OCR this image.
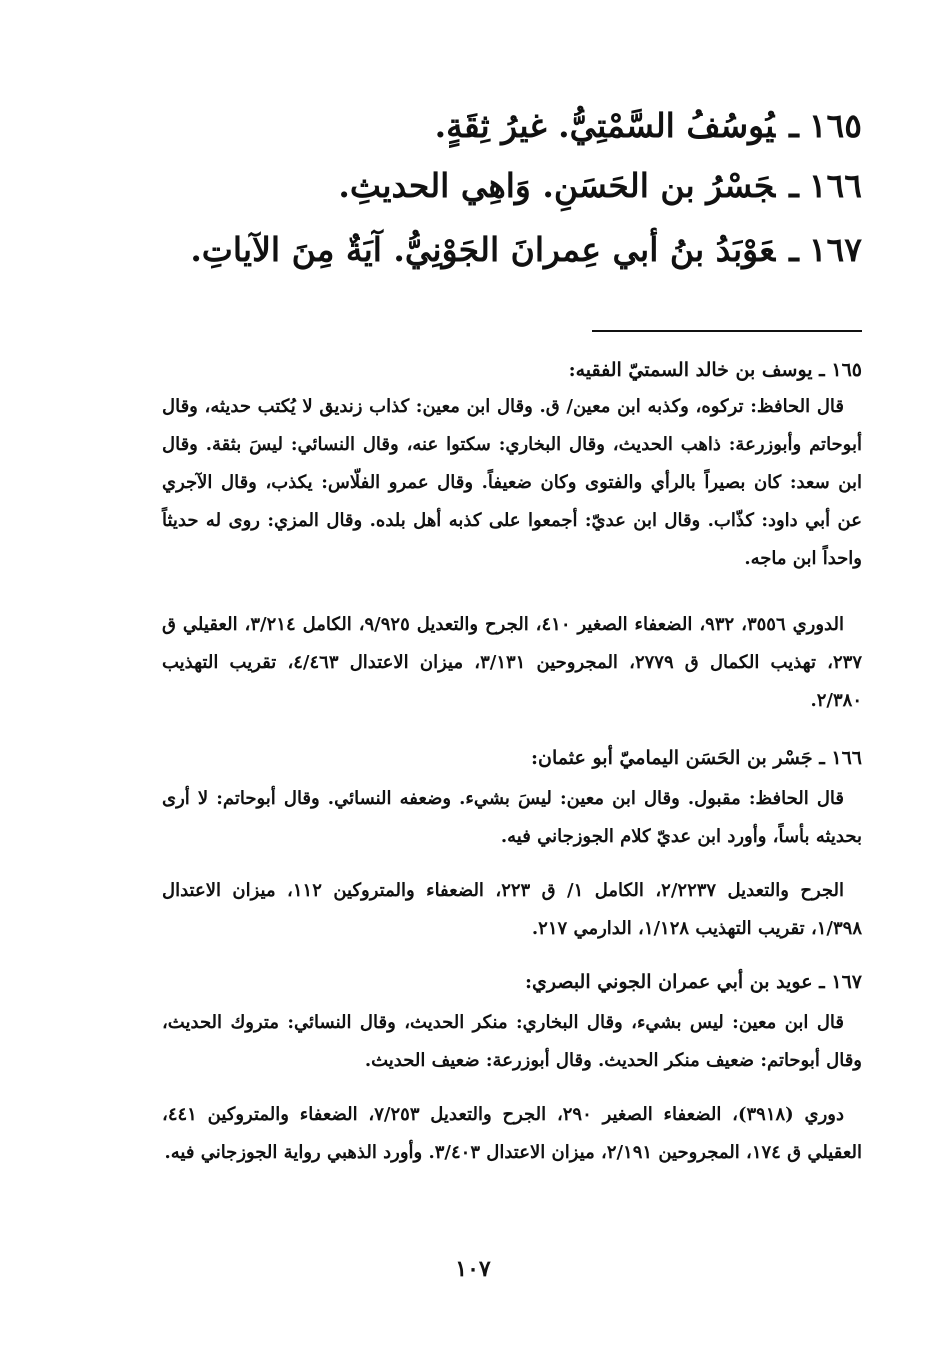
١٦٥ـيُوسُفُ السَّمْتِيُّ. غيرُ ثِقَةٍ.
١٦٦ـجَسْرُ بن الحَسَنِ. وَاهِي الحديثِ.
١٦٧ـعَوْبَدُ بنُ أبي عِمرانَ الجَوْنِيُّ. آيَةٌ مِنَ الآياتِ.
١٦٥ ـ يوسف بن خالد السمتيّ الفقيه:
قال الحافظ: تركوه، وكذبه ابن معين/ ق. وقال ابن معين: كذاب زنديق لا يُكتب حديثه، وقال أبوحاتم وأبوزرعة: ذاهب الحديث، وقال البخاري: سكتوا عنه، وقال النسائي: ليسَ بثقة. وقال ابن سعد: كان بصيراً بالرأي والفتوى وكان ضعيفاً. وقال عمرو الفلّاس: يكذب، وقال الآجري عن أبي داود: كذّاب. وقال ابن عديّ: أجمعوا على كذبه أهل بلده. وقال المزي: روى له حديثاً واحداً ابن ماجه.
الدوري ٣٥٥٦، ٩٣٢، الضعفاء الصغير ٤١٠، الجرح والتعديل ٩/٩٢٥، الكامل ٣/٢١٤، العقيلي ق ٢٣٧، تهذيب الكمال ق ٢٧٧٩، المجروحين ٣/١٣١، ميزان الاعتدال ٤/٤٦٣، تقريب التهذيب ٢/٣٨٠.
١٦٦ ـ جَسْر بن الحَسَن اليماميّ أبو عثمان:
قال الحافظ: مقبول. وقال ابن معين: ليسَ بشيء. وضعفه النسائي. وقال أبوحاتم: لا أرى بحديثه بأساً، وأورد ابن عديّ كلام الجوزجاني فيه.
الجرح والتعديل ٢/٢٢٣٧، الكامل ١/ ق ٢٢٣، الضعفاء والمتروكين ١١٢، ميزان الاعتدال ١/٣٩٨، تقريب التهذيب ١/١٢٨، الدارمي ٢١٧.
١٦٧ ـ عويد بن أبي عمران الجوني البصري:
قال ابن معين: ليس بشيء، وقال البخاري: منكر الحديث، وقال النسائي: متروك الحديث، وقال أبوحاتم: ضعيف منكر الحديث. وقال أبوزرعة: ضعيف الحديث.
دوري (٣٩١٨)، الضعفاء الصغير ٢٩٠، الجرح والتعديل ٧/٢٥٣، الضعفاء والمتروكين ٤٤١، العقيلي ق ١٧٤، المجروحين ٢/١٩١، ميزان الاعتدال ٣/٤٠٣. وأورد الذهبي رواية الجوزجاني فيه.
١٠٧
